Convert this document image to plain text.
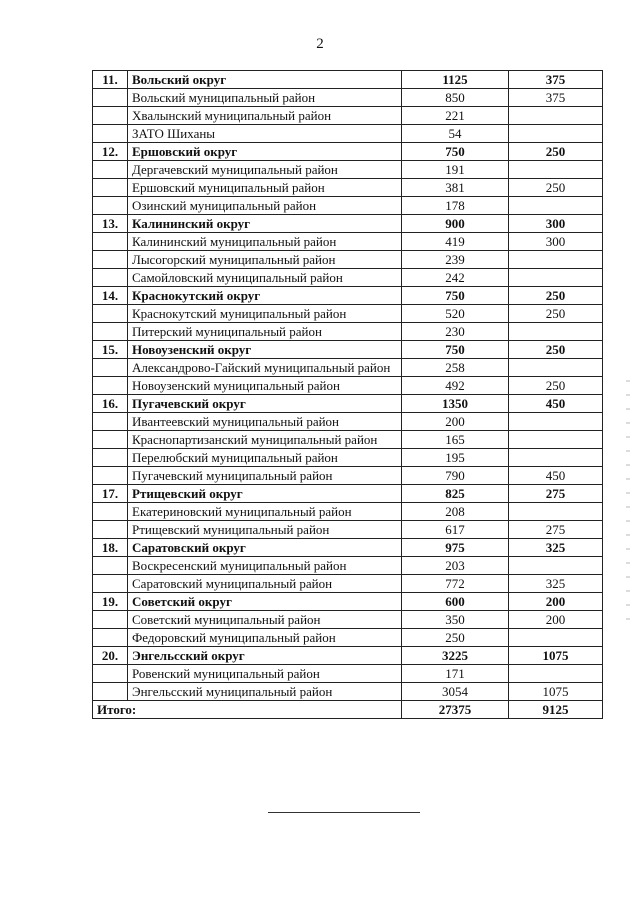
2
11.	Вольский округ	1125	375
	Вольский муниципальный район	850	375
	Хвалынский муниципальный район	221	
	ЗАТО Шиханы	54	
12.	Ершовский округ	750	250
	Дергачевский муниципальный район	191	
	Ершовский муниципальный район	381	250
	Озинский муниципальный район	178	
13.	Калининский округ	900	300
	Калининский муниципальный район	419	300
	Лысогорский муниципальный район	239	
	Самойловский муниципальный район	242	
14.	Краснокутский округ	750	250
	Краснокутский муниципальный район	520	250
	Питерский муниципальный район	230	
15.	Новоузенский округ	750	250
	Александрово-Гайский муниципальный район	258	
	Новоузенский муниципальный район	492	250
16.	Пугачевский округ	1350	450
	Ивантеевский муниципальный район	200	
	Краснопартизанский муниципальный район	165	
	Перелюбский муниципальный район	195	
	Пугачевский муниципальный район	790	450
17.	Ртищевский округ	825	275
	Екатериновский муниципальный район	208	
	Ртищевский муниципальный район	617	275
18.	Саратовский округ	975	325
	Воскресенский муниципальный район	203	
	Саратовский муниципальный район	772	325
19.	Советский округ	600	200
	Советский муниципальный район	350	200
	Федоровский муниципальный район	250	
20.	Энгельсский округ	3225	1075
	Ровенский муниципальный район	171	
	Энгельсский муниципальный район	3054	1075
Итого:		27375	9125
